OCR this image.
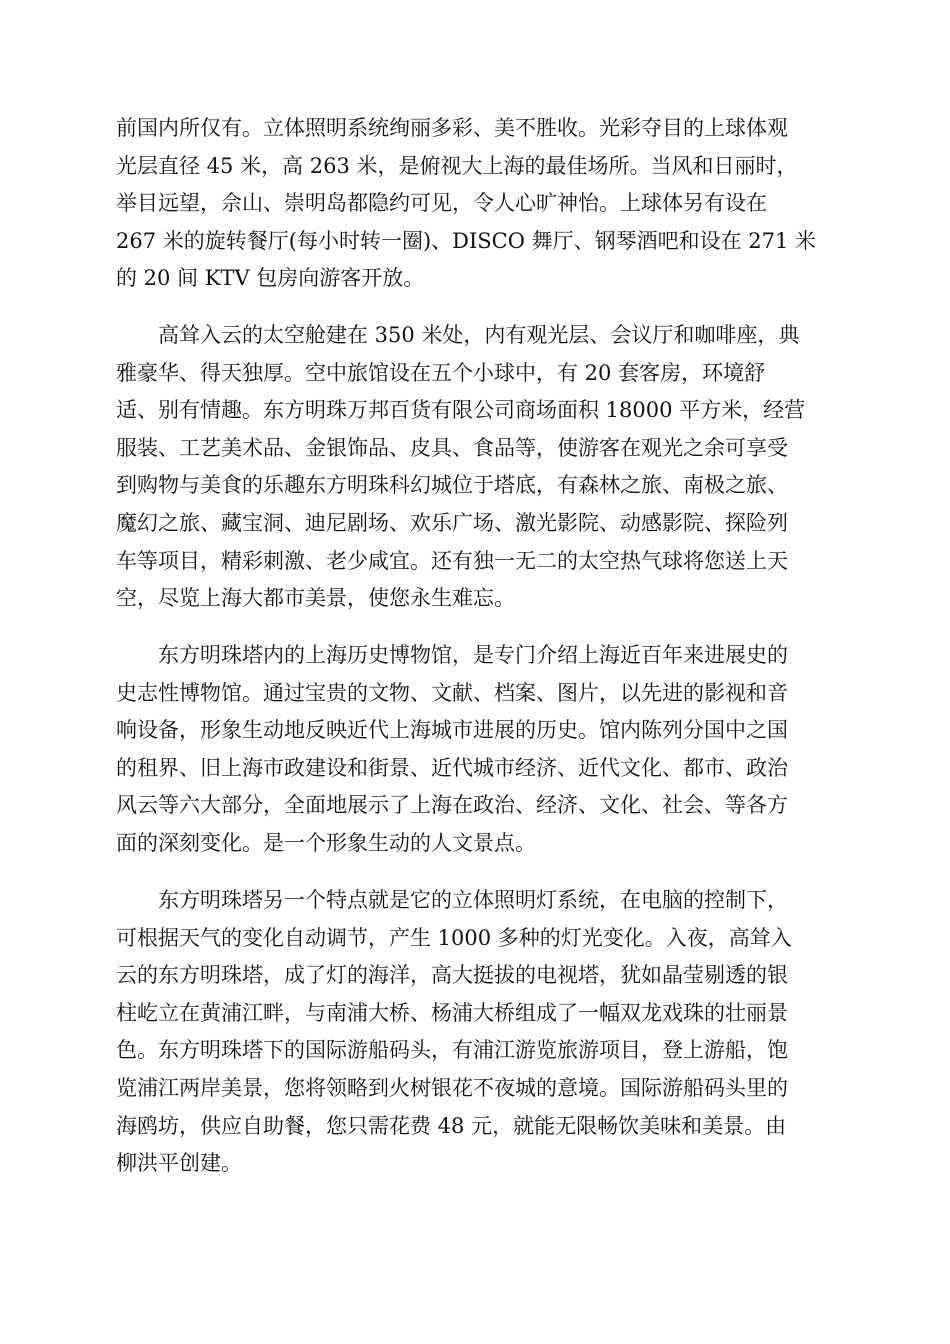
前国内所仅有。立体照明系统绚丽多彩、美不胜收。光彩夺目的上球体观
光层直径 45 米，高 263 米，是俯视大上海的最佳场所。当风和日丽时，
举目远望，佘山、崇明岛都隐约可见，令人心旷神怡。上球体另有设在
267 米的旋转餐厅(每小时转一圈)、DISCO 舞厅、钢琴酒吧和设在 271 米
的 20 间 KTV 包房向游客开放。

　　高耸入云的太空舱建在 350 米处，内有观光层、会议厅和咖啡座，典
雅豪华、得天独厚。空中旅馆设在五个小球中，有 20 套客房，环境舒
适、别有情趣。东方明珠万邦百货有限公司商场面积 18000 平方米，经营
服装、工艺美术品、金银饰品、皮具、食品等，使游客在观光之余可享受
到购物与美食的乐趣东方明珠科幻城位于塔底，有森林之旅、南极之旅、
魔幻之旅、藏宝洞、迪尼剧场、欢乐广场、激光影院、动感影院、探险列
车等项目，精彩刺激、老少咸宜。还有独一无二的太空热气球将您送上天
空，尽览上海大都市美景，使您永生难忘。

　　东方明珠塔内的上海历史博物馆，是专门介绍上海近百年来进展史的
史志性博物馆。通过宝贵的文物、文献、档案、图片，以先进的影视和音
响设备，形象生动地反映近代上海城市进展的历史。馆内陈列分国中之国
的租界、旧上海市政建设和街景、近代城市经济、近代文化、都市、政治
风云等六大部分，全面地展示了上海在政治、经济、文化、社会、等各方
面的深刻变化。是一个形象生动的人文景点。

　　东方明珠塔另一个特点就是它的立体照明灯系统，在电脑的控制下，
可根据天气的变化自动调节，产生 1000 多种的灯光变化。入夜，高耸入
云的东方明珠塔，成了灯的海洋，高大挺拔的电视塔，犹如晶莹剔透的银
柱屹立在黄浦江畔，与南浦大桥、杨浦大桥组成了一幅双龙戏珠的壮丽景
色。东方明珠塔下的国际游船码头，有浦江游览旅游项目，登上游船，饱
览浦江两岸美景，您将领略到火树银花不夜城的意境。国际游船码头里的
海鸥坊，供应自助餐，您只需花费 48 元，就能无限畅饮美味和美景。由
柳洪平创建。
